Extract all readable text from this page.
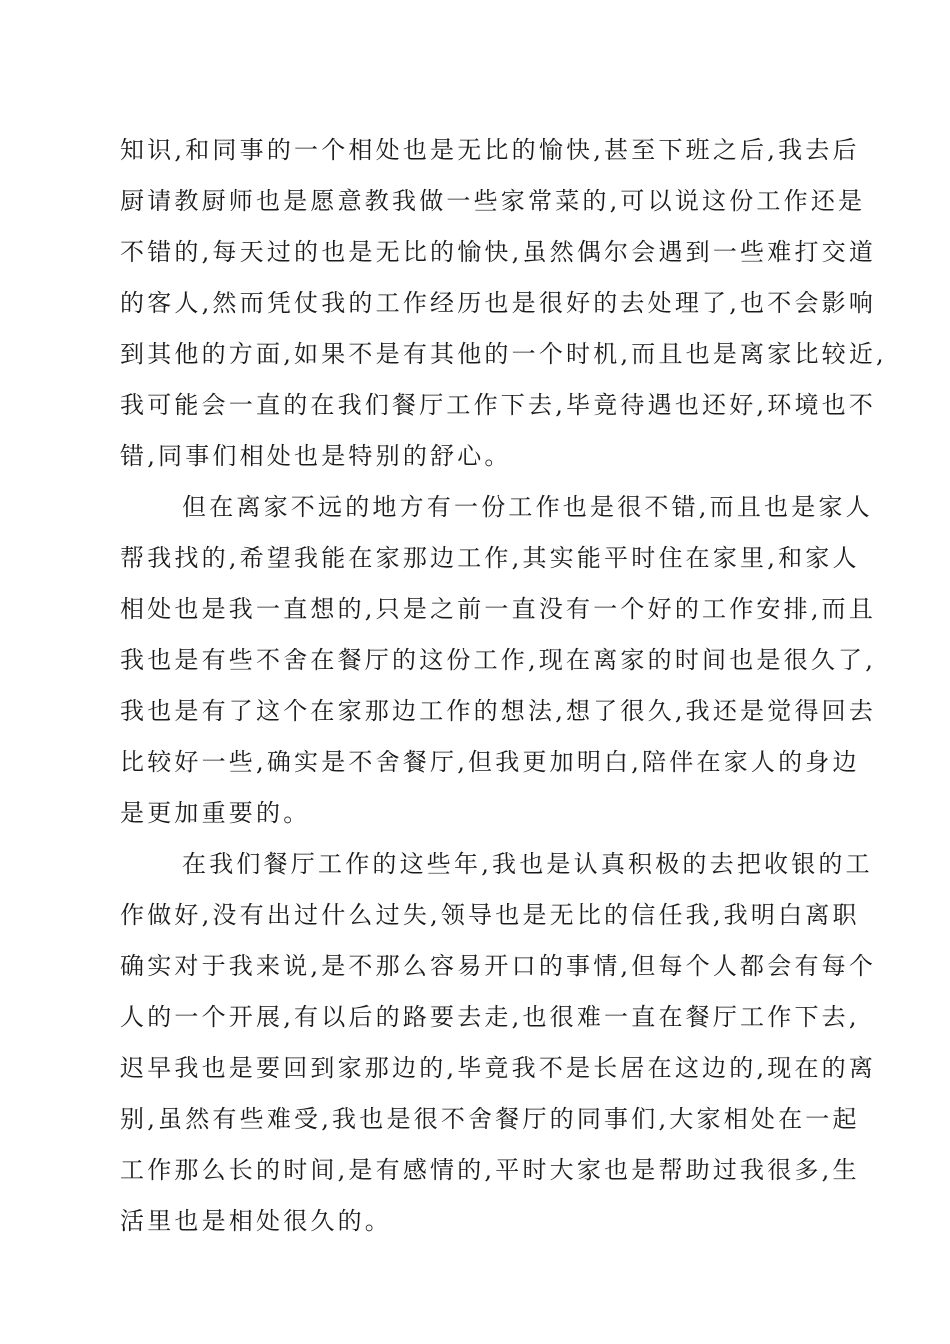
知识,和同事的一个相处也是无比的愉快,甚至下班之后,我去后
厨请教厨师也是愿意教我做一些家常菜的,可以说这份工作还是
不错的,每天过的也是无比的愉快,虽然偶尔会遇到一些难打交道
的客人,然而凭仗我的工作经历也是很好的去处理了,也不会影响
到其他的方面,如果不是有其他的一个时机,而且也是离家比较近,
我可能会一直的在我们餐厅工作下去,毕竟待遇也还好,环境也不
错,同事们相处也是特别的舒心。
但在离家不远的地方有一份工作也是很不错,而且也是家人
帮我找的,希望我能在家那边工作,其实能平时住在家里,和家人
相处也是我一直想的,只是之前一直没有一个好的工作安排,而且
我也是有些不舍在餐厅的这份工作,现在离家的时间也是很久了,
我也是有了这个在家那边工作的想法,想了很久,我还是觉得回去
比较好一些,确实是不舍餐厅,但我更加明白,陪伴在家人的身边
是更加重要的。
在我们餐厅工作的这些年,我也是认真积极的去把收银的工
作做好,没有出过什么过失,领导也是无比的信任我,我明白离职
确实对于我来说,是不那么容易开口的事情,但每个人都会有每个
人的一个开展,有以后的路要去走,也很难一直在餐厅工作下去,
迟早我也是要回到家那边的,毕竟我不是长居在这边的,现在的离
别,虽然有些难受,我也是很不舍餐厅的同事们,大家相处在一起
工作那么长的时间,是有感情的,平时大家也是帮助过我很多,生
活里也是相处很久的。
